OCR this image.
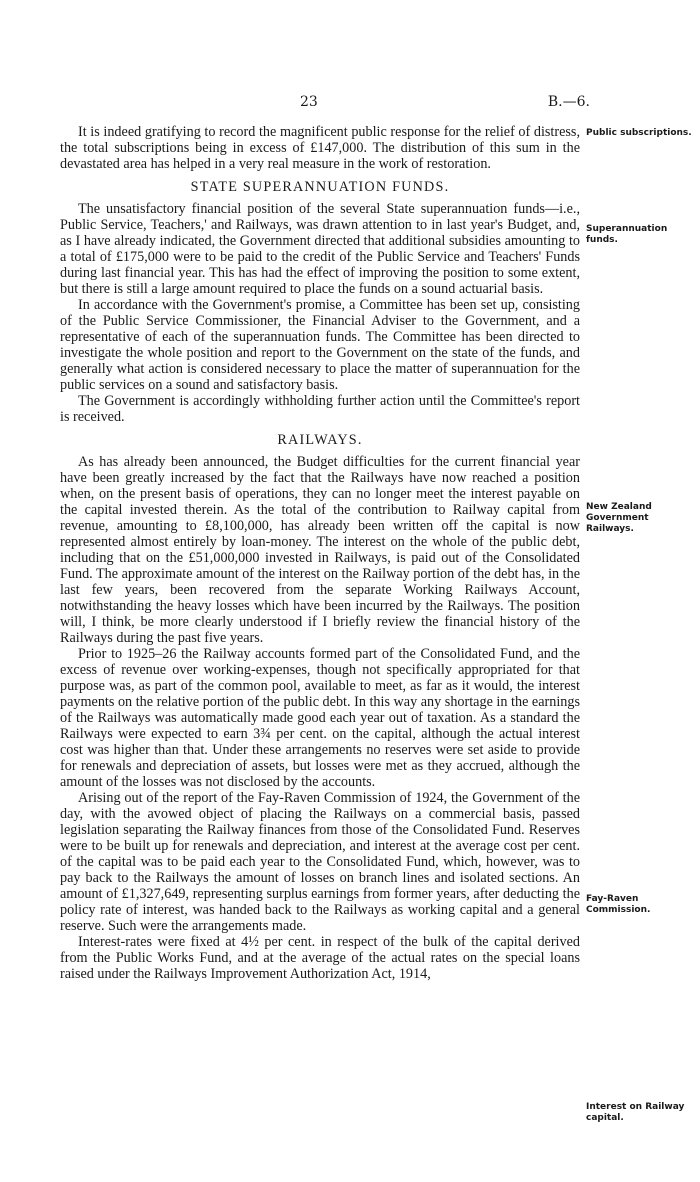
23	B.—6.

It is indeed gratifying to record the magnificent public response for the relief of distress, the total subscriptions being in excess of £147,000. The distribution of this sum in the devastated area has helped in a very real measure in the work of restoration.

STATE SUPERANNUATION FUNDS.

The unsatisfactory financial position of the several State superannuation funds—i.e., Public Service, Teachers,' and Railways, was drawn attention to in last year's Budget, and, as I have already indicated, the Government directed that additional subsidies amounting to a total of £175,000 were to be paid to the credit of the Public Service and Teachers' Funds during last financial year. This has had the effect of improving the position to some extent, but there is still a large amount required to place the funds on a sound actuarial basis.

In accordance with the Government's promise, a Committee has been set up, consisting of the Public Service Commissioner, the Financial Adviser to the Government, and a representative of each of the superannuation funds. The Committee has been directed to investigate the whole position and report to the Government on the state of the funds, and generally what action is considered necessary to place the matter of superannuation for the public services on a sound and satisfactory basis.

The Government is accordingly withholding further action until the Committee's report is received.

RAILWAYS.

As has already been announced, the Budget difficulties for the current financial year have been greatly increased by the fact that the Railways have now reached a position when, on the present basis of operations, they can no longer meet the interest payable on the capital invested therein. As the total of the contribution to Railway capital from revenue, amounting to £8,100,000, has already been written off the capital is now represented almost entirely by loan-money. The interest on the whole of the public debt, including that on the £51,000,000 invested in Railways, is paid out of the Consolidated Fund. The approximate amount of the interest on the Railway portion of the debt has, in the last few years, been recovered from the separate Working Railways Account, notwithstanding the heavy losses which have been incurred by the Railways. The position will, I think, be more clearly understood if I briefly review the financial history of the Railways during the past five years.

Prior to 1925–26 the Railway accounts formed part of the Consolidated Fund, and the excess of revenue over working-expenses, though not specifically appropriated for that purpose was, as part of the common pool, available to meet, as far as it would, the interest payments on the relative portion of the public debt. In this way any shortage in the earnings of the Railways was automatically made good each year out of taxation. As a standard the Railways were expected to earn 3¾ per cent. on the capital, although the actual interest cost was higher than that. Under these arrangements no reserves were set aside to provide for renewals and depreciation of assets, but losses were met as they accrued, although the amount of the losses was not disclosed by the accounts.

Arising out of the report of the Fay-Raven Commission of 1924, the Government of the day, with the avowed object of placing the Railways on a commercial basis, passed legislation separating the Railway finances from those of the Consolidated Fund. Reserves were to be built up for renewals and depreciation, and interest at the average cost per cent. of the capital was to be paid each year to the Consolidated Fund, which, however, was to pay back to the Railways the amount of losses on branch lines and isolated sections. An amount of £1,327,649, representing surplus earnings from former years, after deducting the policy rate of interest, was handed back to the Railways as working capital and a general reserve. Such were the arrangements made.

Interest-rates were fixed at 4½ per cent. in respect of the bulk of the capital derived from the Public Works Fund, and at the average of the actual rates on the special loans raised under the Railways Improvement Authorization Act, 1914,

Public subscriptions.
Superannuation funds.
New Zealand Government Railways.
Fay-Raven Commission.
Interest on Railway capital.
